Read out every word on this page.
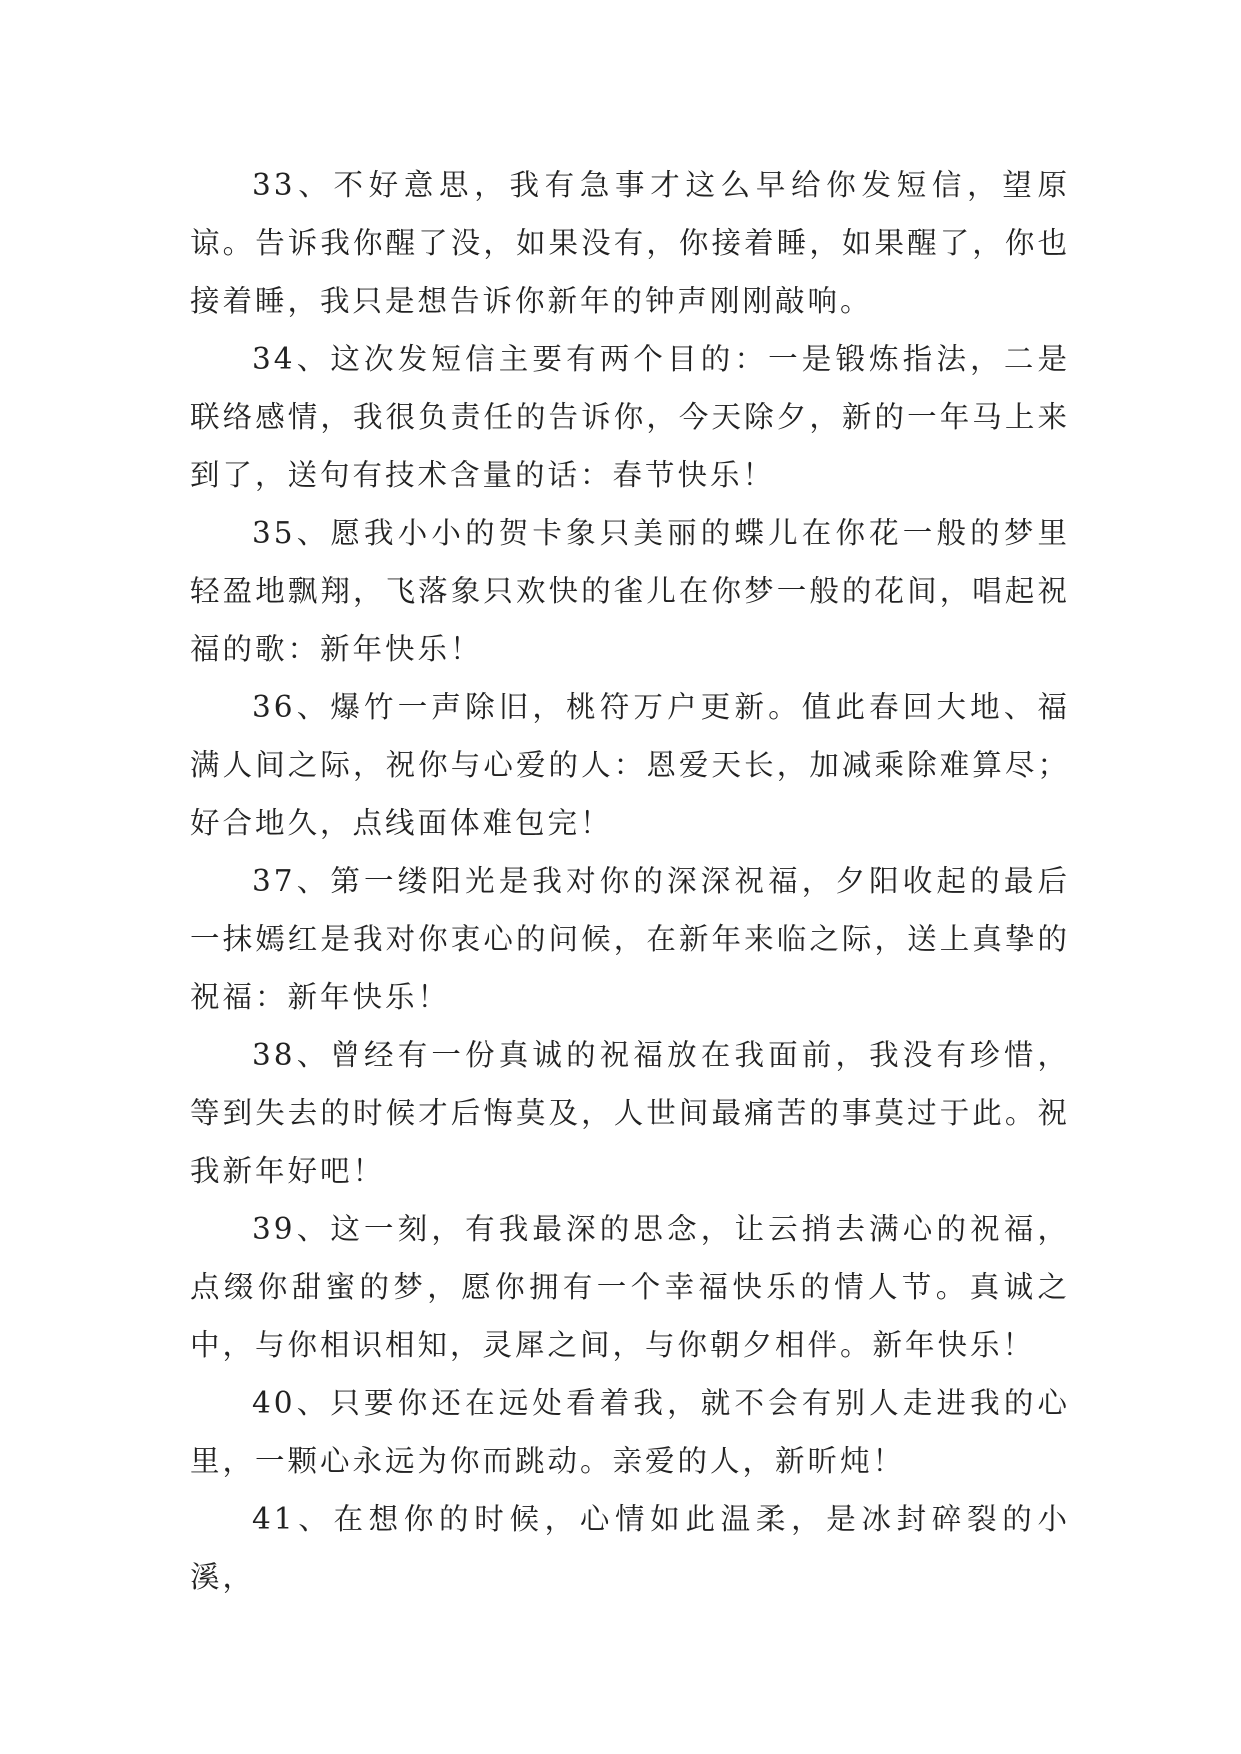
33、不好意思，我有急事才这么早给你发短信，望原谅。告诉我你醒了没，如果没有，你接着睡，如果醒了，你也接着睡，我只是想告诉你新年的钟声刚刚敲响。

34、这次发短信主要有两个目的：一是锻炼指法，二是联络感情，我很负责任的告诉你，今天除夕，新的一年马上来到了，送句有技术含量的话：春节快乐！

35、愿我小小的贺卡象只美丽的蝶儿在你花一般的梦里轻盈地飘翔，飞落象只欢快的雀儿在你梦一般的花间，唱起祝福的歌：新年快乐！

36、爆竹一声除旧，桃符万户更新。值此春回大地、福满人间之际，祝你与心爱的人：恩爱天长，加减乘除难算尽；好合地久，点线面体难包完！

37、第一缕阳光是我对你的深深祝福，夕阳收起的最后一抹嫣红是我对你衷心的问候，在新年来临之际，送上真挚的祝福：新年快乐！

38、曾经有一份真诚的祝福放在我面前，我没有珍惜，等到失去的时候才后悔莫及，人世间最痛苦的事莫过于此。祝我新年好吧！

39、这一刻，有我最深的思念，让云捎去满心的祝福，点缀你甜蜜的梦，愿你拥有一个幸福快乐的情人节。真诚之中，与你相识相知，灵犀之间，与你朝夕相伴。新年快乐！

40、只要你还在远处看着我，就不会有别人走进我的心里，一颗心永远为你而跳动。亲爱的人，新昕炖！

41、在想你的时候，心情如此温柔，是冰封碎裂的小溪，
